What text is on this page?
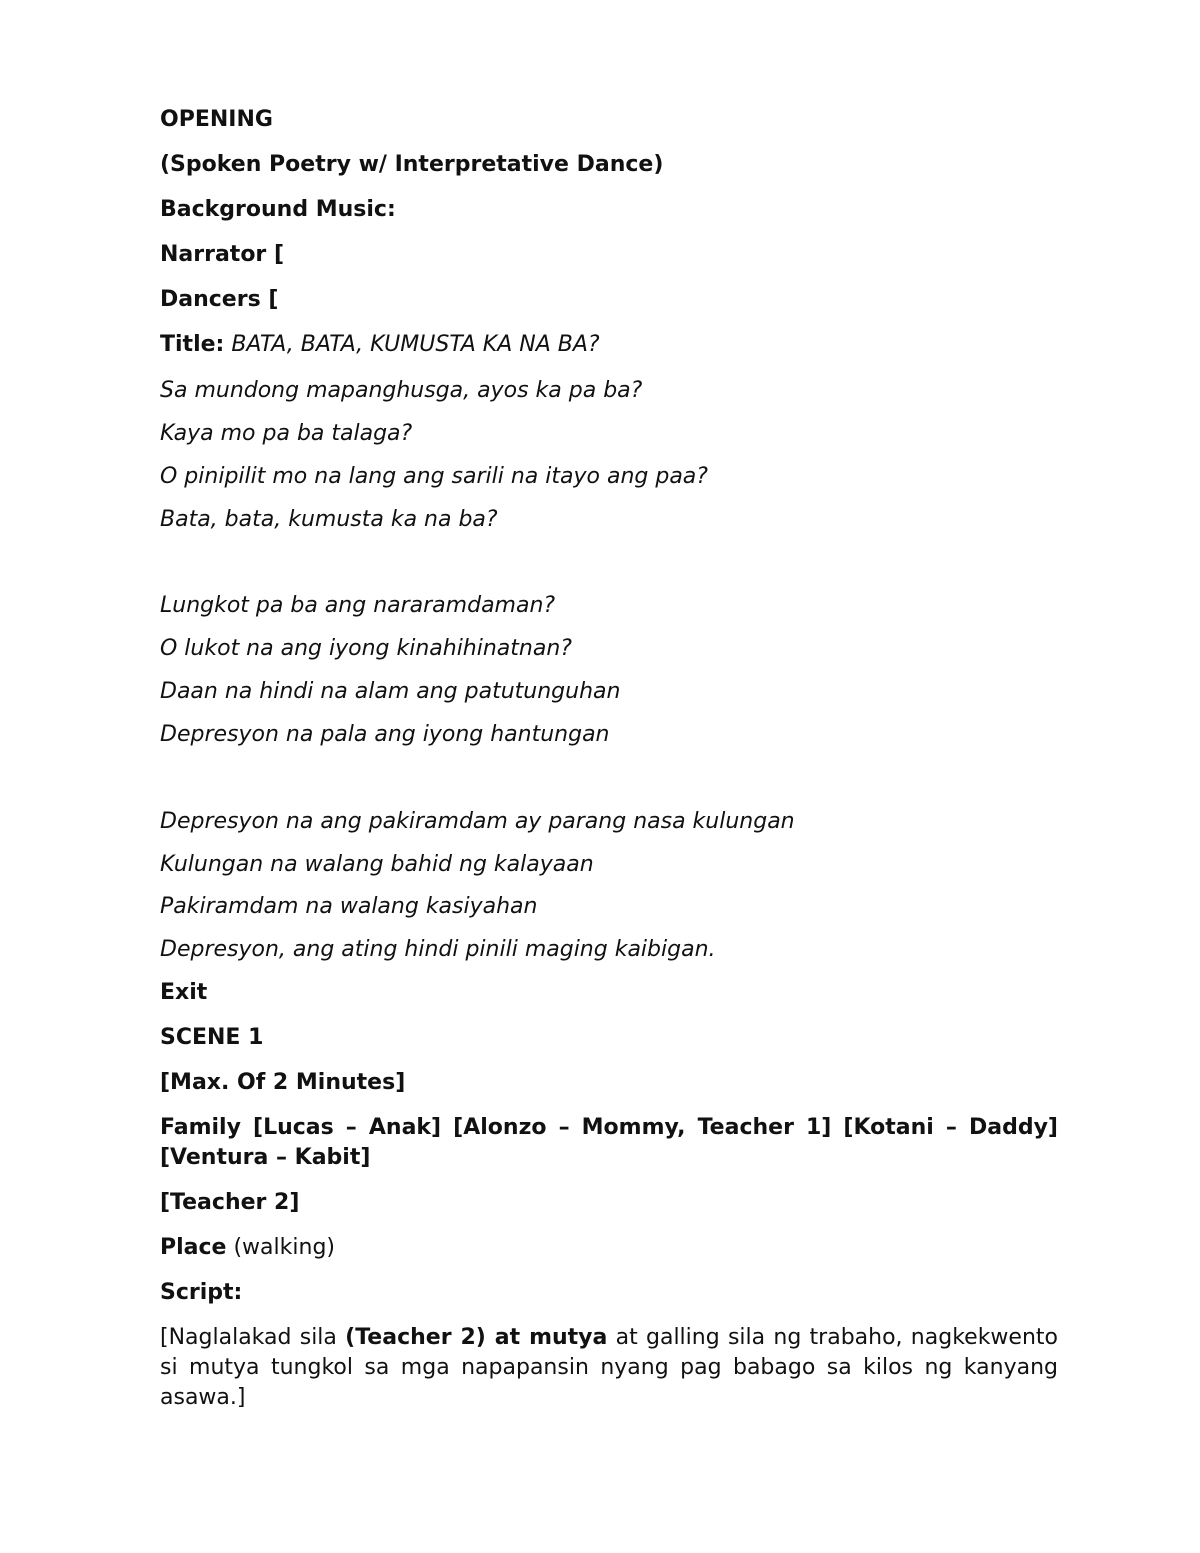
OPENING
(Spoken Poetry w/ Interpretative Dance)
Background Music:
Narrator [
Dancers [
Title: BATA, BATA, KUMUSTA KA NA BA?
Sa mundong mapanghusga, ayos ka pa ba?
Kaya mo pa ba talaga?
O pinipilit mo na lang ang sarili na itayo ang paa?
Bata, bata, kumusta ka na ba?
Lungkot pa ba ang nararamdaman?
O lukot na ang iyong kinahihinatnan?
Daan na hindi na alam ang patutunguhan
Depresyon na pala ang iyong hantungan
Depresyon na ang pakiramdam ay parang nasa kulungan
Kulungan na walang bahid ng kalayaan
Pakiramdam na walang kasiyahan
Depresyon, ang ating hindi pinili maging kaibigan.
Exit
SCENE 1
[Max. Of 2 Minutes]
Family [Lucas – Anak] [Alonzo – Mommy, Teacher 1] [Kotani – Daddy] [Ventura – Kabit]
[Teacher 2]
Place (walking)
Script:
[Naglalakad sila (Teacher 2) at mutya at galling sila ng trabaho, nagkekwento si mutya tungkol sa mga napapansin nyang pag babago sa kilos ng kanyang asawa.]
